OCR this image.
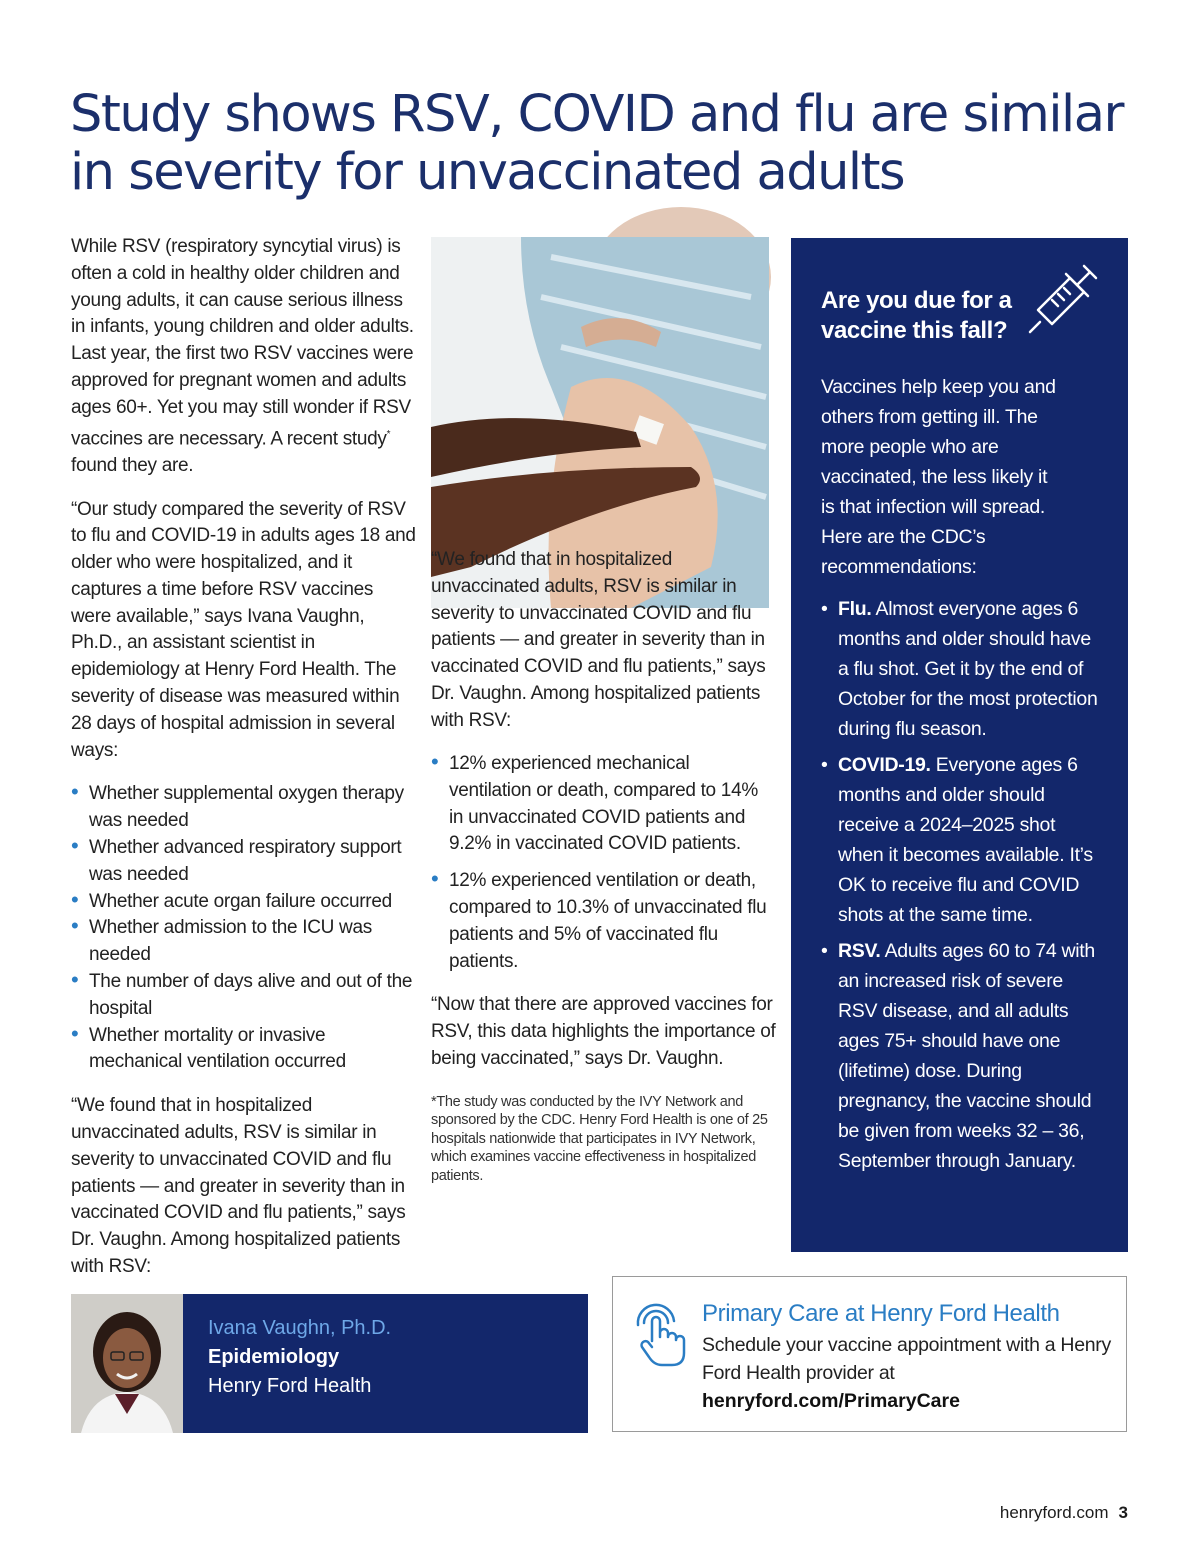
Study shows RSV, COVID and flu are similar in severity for unvaccinated adults

While RSV (respiratory syncytial virus) is often a cold in healthy older children and young adults, it can cause serious illness in infants, young children and older adults. Last year, the first two RSV vaccines were approved for pregnant women and adults ages 60+. Yet you may still wonder if RSV vaccines are necessary. A recent study* found they are.

“Our study compared the severity of RSV to flu and COVID-19 in adults ages 18 and older who were hospitalized, and it captures a time before RSV vaccines were available,” says Ivana Vaughn, Ph.D., an assistant scientist in epidemiology at Henry Ford Health. The severity of disease was measured within 28 days of hospital admission in several ways:

• Whether supplemental oxygen therapy was needed
• Whether advanced respiratory support was needed
• Whether acute organ failure occurred
• Whether admission to the ICU was needed
• The number of days alive and out of the hospital
• Whether mortality or invasive mechanical ventilation occurred
“We found that in hospitalized unvaccinated adults, RSV is similar in severity to unvaccinated COVID and flu patients — and greater in severity than in vaccinated COVID and flu patients,” says Dr. Vaughn. Among hospitalized patients with RSV:
“We found that in hospitalized unvaccinated adults, RSV is similar in severity to unvaccinated COVID and flu patients — and greater in severity than in vaccinated COVID and flu patients,” says Dr. Vaughn. Among hospitalized patients with RSV:
• 12% experienced mechanical ventilation or death, compared to 14% in unvaccinated COVID patients and 9.2% in vaccinated COVID patients.
• 12% experienced ventilation or death, compared to 10.3% of unvaccinated flu patients and 5% of vaccinated flu patients.

“Now that there are approved vaccines for RSV, this data highlights the importance of being vaccinated,” says Dr. Vaughn.

*The study was conducted by the IVY Network and sponsored by the CDC. Henry Ford Health is one of 25 hospitals nationwide that participates in IVY Network, which examines vaccine effectiveness in hospitalized patients.
Are you due for a vaccine this fall?
Vaccines help keep you and others from getting ill. The more people who are vaccinated, the less likely it is that infection will spread. Here are the CDC’s recommendations:
• Flu. Almost everyone ages 6 months and older should have a flu shot. Get it by the end of October for the most protection during flu season.
• COVID-19. Everyone ages 6 months and older should receive a 2024–2025 shot when it becomes available. It’s OK to receive flu and COVID shots at the same time.
• RSV. Adults ages 60 to 74 with an increased risk of severe RSV disease, and all adults ages 75+ should have one (lifetime) dose. During pregnancy, the vaccine should be given from weeks 32 – 36, September through January.
Ivana Vaughn, Ph.D.
Epidemiology
Henry Ford Health
Primary Care at Henry Ford Health
Schedule your vaccine appointment with a Henry Ford Health provider at
henryford.com/PrimaryCare
henryford.com 3
